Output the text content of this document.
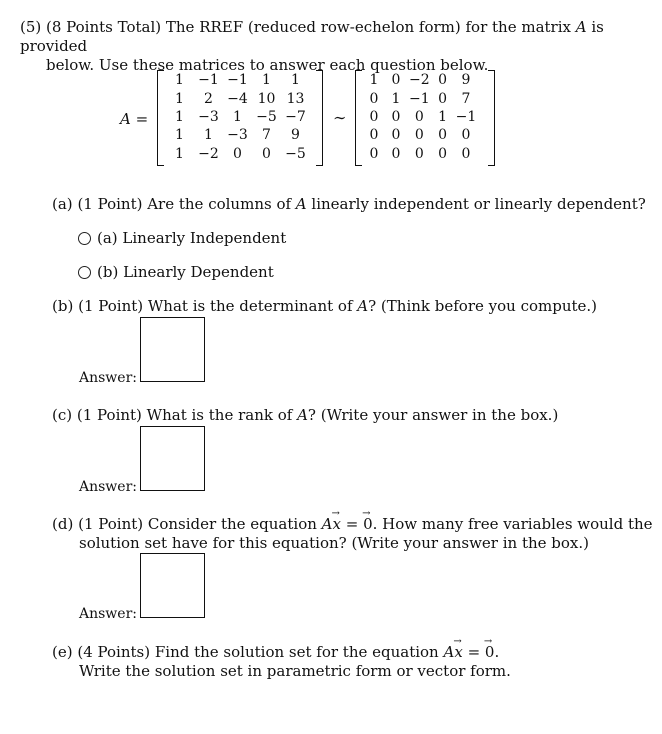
(5) (8 Points Total) The RREF (reduced row-echelon form) for the matrix A is provided
below. Use these matrices to answer each question below.
A =
1	−1	−1	1	1
1	2	−4	10	13
1	−3	1	−5	−7
1	1	−3	7	9
1	−2	0	0	−5
∼
1	0	−2	0	9
0	1	−1	0	7
0	0	0	1	−1
0	0	0	0	0
0	0	0	0	0
(a) (1 Point) Are the columns of A linearly independent or linearly dependent?
(a) Linearly Independent
(b) Linearly Dependent
(b) (1 Point) What is the determinant of A? (Think before you compute.)
Answer:
(c) (1 Point) What is the rank of A? (Write your answer in the box.)
Answer:
(d) (1 Point) Consider the equation A→ x = → 0. How many free variables would the
solution set have for this equation? (Write your answer in the box.)
Answer:
(e) (4 Points) Find the solution set for the equation A→ x = → 0.
Write the solution set in parametric form or vector form.
